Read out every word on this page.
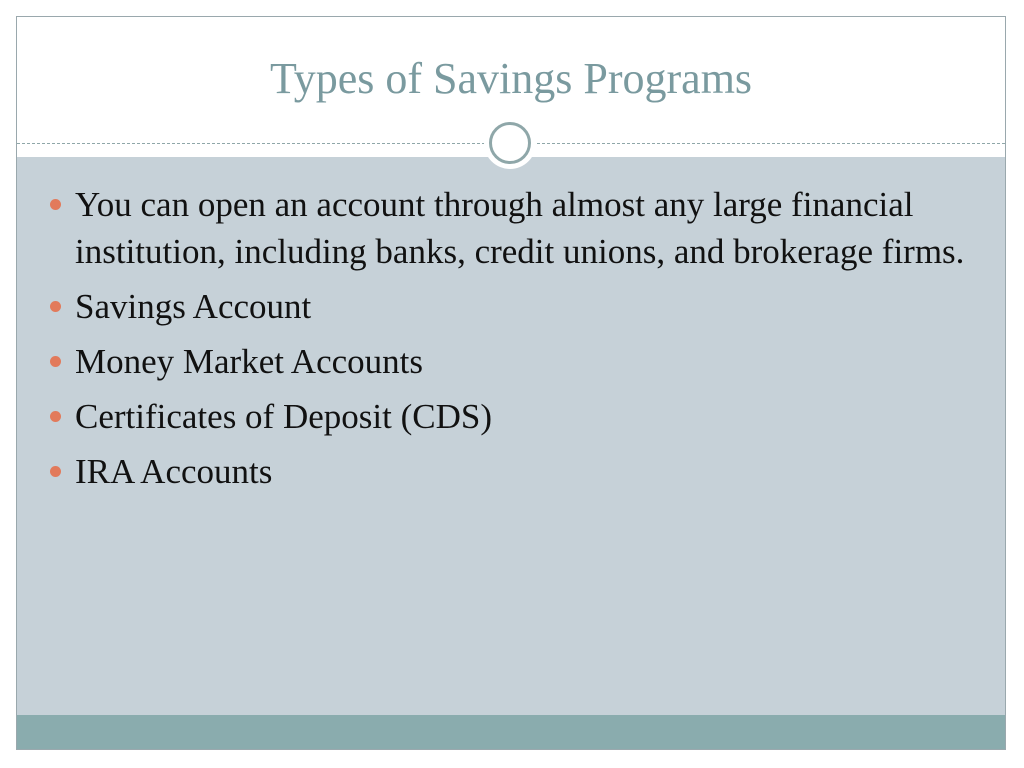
Types of Savings Programs
You can open an account through almost any large financial institution, including banks, credit unions, and brokerage firms.
Savings Account
Money Market Accounts
Certificates of Deposit (CDS)
IRA Accounts
